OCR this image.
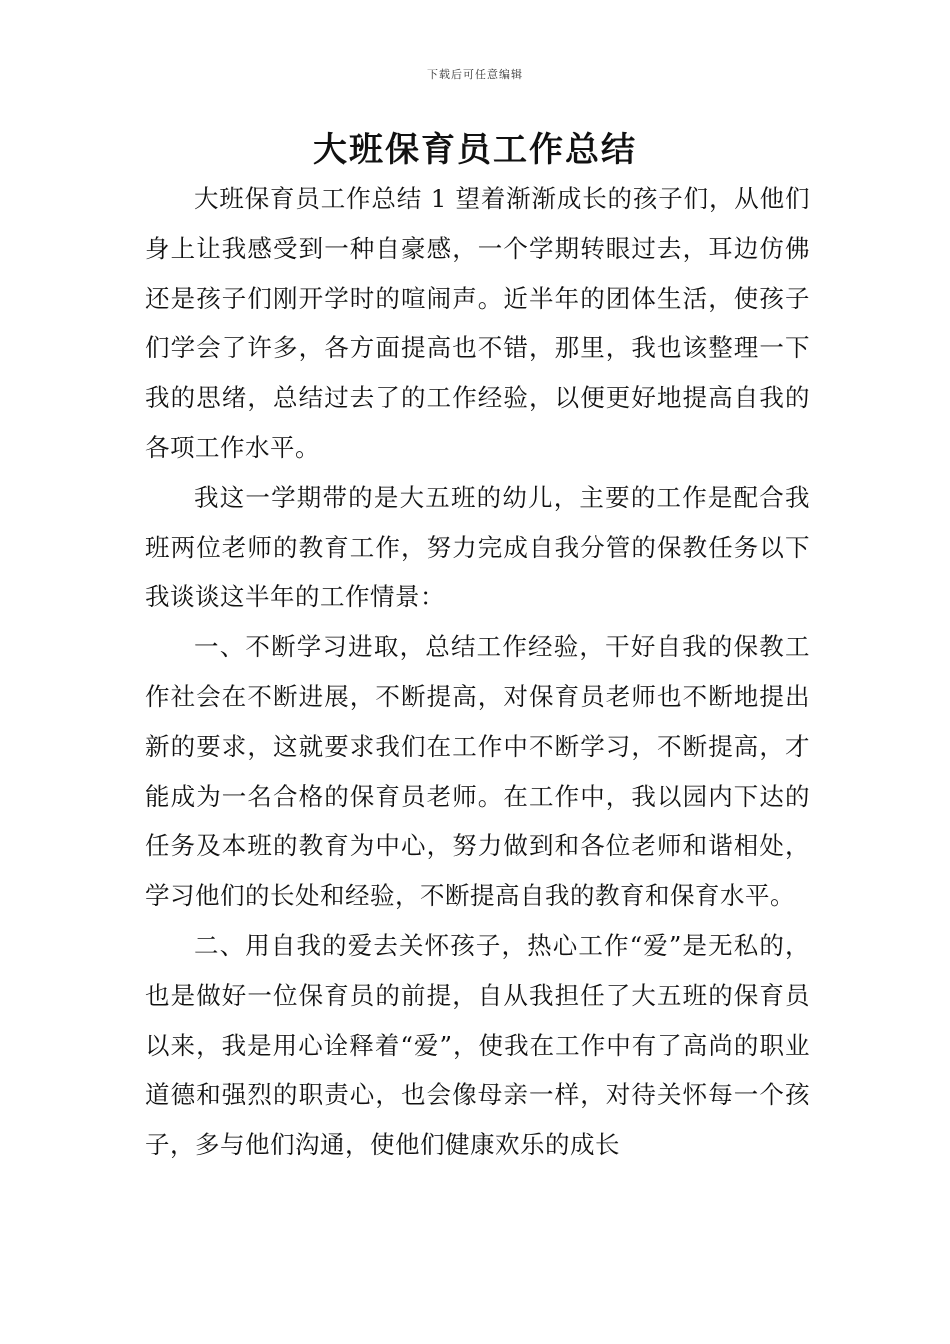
下载后可任意编辑
大班保育员工作总结

大班保育员工作总结 1 望着渐渐成长的孩子们，从他们身上让我感受到一种自豪感，一个学期转眼过去，耳边仿佛还是孩子们刚开学时的喧闹声。近半年的团体生活，使孩子们学会了许多，各方面提高也不错，那里，我也该整理一下我的思绪，总结过去了的工作经验，以便更好地提高自我的各项工作水平。

我这一学期带的是大五班的幼儿，主要的工作是配合我班两位老师的教育工作，努力完成自我分管的保教任务以下我谈谈这半年的工作情景：

一、不断学习进取，总结工作经验，干好自我的保教工作社会在不断进展，不断提高，对保育员老师也不断地提出新的要求，这就要求我们在工作中不断学习，不断提高，才能成为一名合格的保育员老师。在工作中，我以园内下达的任务及本班的教育为中心，努力做到和各位老师和谐相处，学习他们的长处和经验，不断提高自我的教育和保育水平。

二、用自我的爱去关怀孩子，热心工作“爱”是无私的，也是做好一位保育员的前提，自从我担任了大五班的保育员以来，我是用心诠释着“爱”，使我在工作中有了高尚的职业道德和强烈的职责心，也会像母亲一样，对待关怀每一个孩子，多与他们沟通，使他们健康欢乐的成长
